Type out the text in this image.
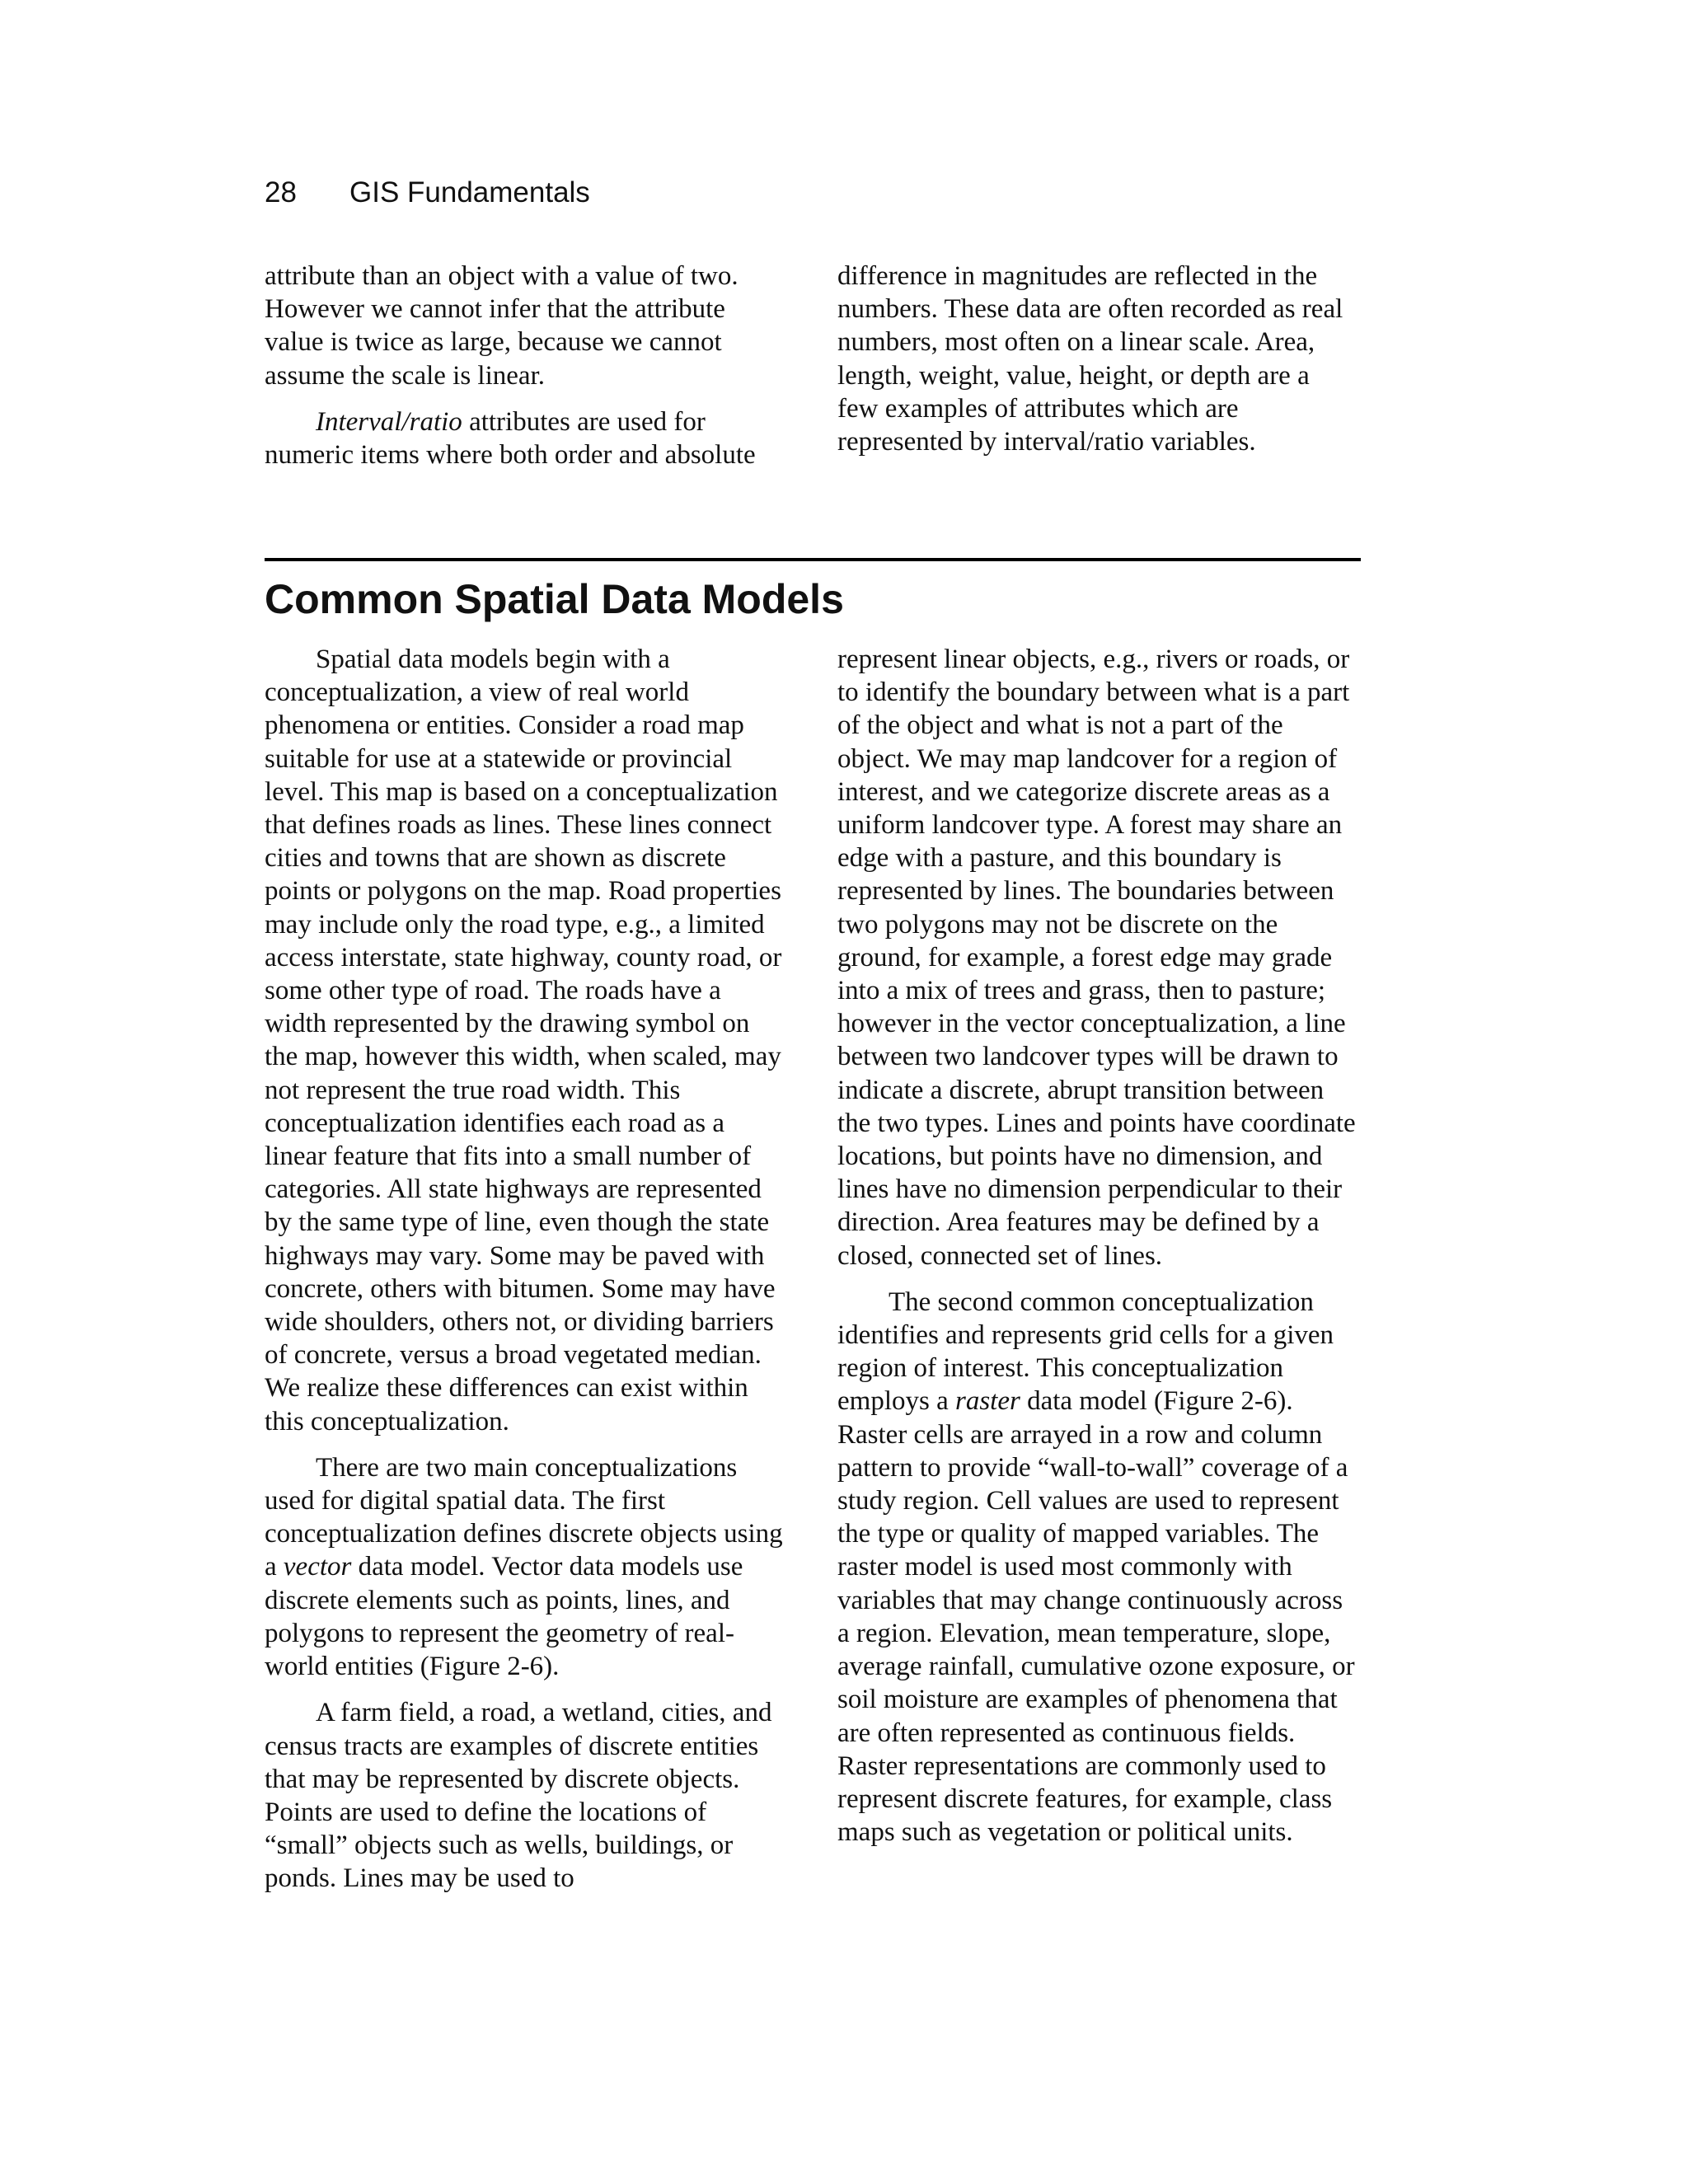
28 GIS Fundamentals

attribute than an object with a value of two. However we cannot infer that the attribute value is twice as large, because we cannot assume the scale is linear.

Interval/ratio attributes are used for numeric items where both order and absolute

difference in magnitudes are reflected in the numbers. These data are often recorded as real numbers, most often on a linear scale. Area, length, weight, value, height, or depth are a few examples of attributes which are represented by interval/ratio variables.

Common Spatial Data Models

Spatial data models begin with a conceptualization, a view of real world phenomena or entities. Consider a road map suitable for use at a statewide or provincial level. This map is based on a conceptualization that defines roads as lines. These lines connect cities and towns that are shown as discrete points or polygons on the map. Road properties may include only the road type, e.g., a limited access interstate, state highway, county road, or some other type of road. The roads have a width represented by the drawing symbol on the map, however this width, when scaled, may not represent the true road width. This conceptualization identifies each road as a linear feature that fits into a small number of categories. All state highways are represented by the same type of line, even though the state highways may vary. Some may be paved with concrete, others with bitumen. Some may have wide shoulders, others not, or dividing barriers of concrete, versus a broad vegetated median. We realize these differences can exist within this conceptualization.

There are two main conceptualizations used for digital spatial data. The first conceptualization defines discrete objects using a vector data model. Vector data models use discrete elements such as points, lines, and polygons to represent the geometry of real-world entities (Figure 2-6).

A farm field, a road, a wetland, cities, and census tracts are examples of discrete entities that may be represented by discrete objects. Points are used to define the locations of “small” objects such as wells, buildings, or ponds. Lines may be used to

represent linear objects, e.g., rivers or roads, or to identify the boundary between what is a part of the object and what is not a part of the object. We may map landcover for a region of interest, and we categorize discrete areas as a uniform landcover type. A forest may share an edge with a pasture, and this boundary is represented by lines. The boundaries between two polygons may not be discrete on the ground, for example, a forest edge may grade into a mix of trees and grass, then to pasture; however in the vector conceptualization, a line between two landcover types will be drawn to indicate a discrete, abrupt transition between the two types. Lines and points have coordinate locations, but points have no dimension, and lines have no dimension perpendicular to their direction. Area features may be defined by a closed, connected set of lines.

The second common conceptualization identifies and represents grid cells for a given region of interest. This conceptualization employs a raster data model (Figure 2-6). Raster cells are arrayed in a row and column pattern to provide “wall-to-wall” coverage of a study region. Cell values are used to represent the type or quality of mapped variables. The raster model is used most commonly with variables that may change continuously across a region. Elevation, mean temperature, slope, average rainfall, cumulative ozone exposure, or soil moisture are examples of phenomena that are often represented as continuous fields. Raster representations are commonly used to represent discrete features, for example, class maps such as vegetation or political units.
